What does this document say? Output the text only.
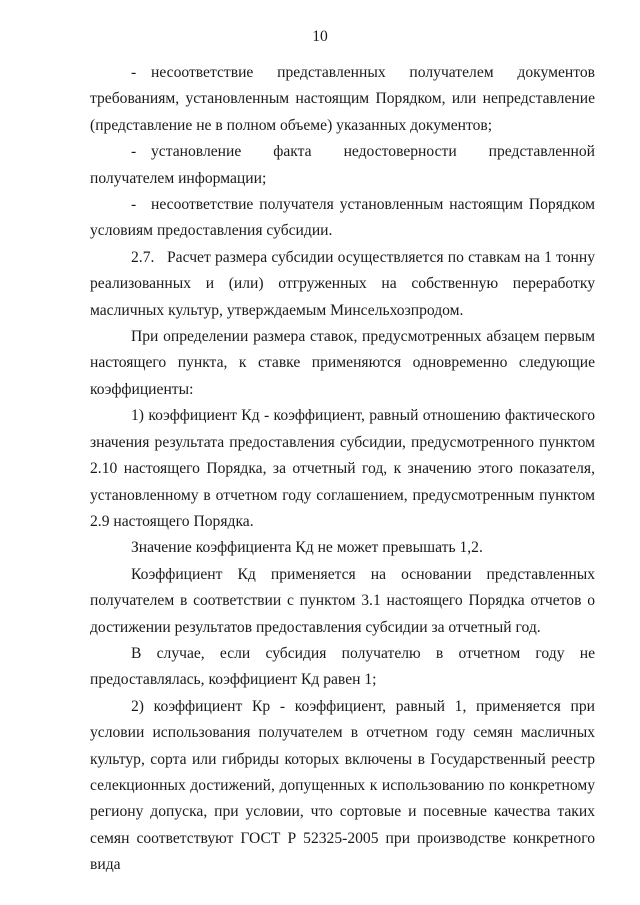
10

- несоответствие представленных получателем документов требованиям, установленным настоящим Порядком, или непредставление (представление не в полном объеме) указанных документов;

- установление факта недостоверности представленной получателем информации;

- несоответствие получателя установленным настоящим Порядком условиям предоставления субсидии.

2.7.   Расчет размера субсидии осуществляется по ставкам на 1 тонну реализованных и (или) отгруженных на собственную переработку масличных культур, утверждаемым Минсельхозпродом.

При определении размера ставок, предусмотренных абзацем первым настоящего пункта, к ставке применяются одновременно следующие коэффициенты:

1) коэффициент Кд - коэффициент, равный отношению фактического значения результата предоставления субсидии, предусмотренного пунктом 2.10 настоящего Порядка, за отчетный год, к значению этого показателя, установленному в отчетном году соглашением, предусмотренным пунктом 2.9 настоящего Порядка.

Значение коэффициента Кд не может превышать 1,2.

Коэффициент Кд применяется на основании представленных получателем в соответствии с пунктом 3.1 настоящего Порядка отчетов о достижении результатов предоставления субсидии за отчетный год.

В случае, если субсидия получателю в отчетном году не предоставлялась, коэффициент Кд равен 1;

2) коэффициент Кр - коэффициент, равный 1, применяется при условии использования получателем в отчетном году семян масличных культур, сорта или гибриды которых включены в Государственный реестр селекционных достижений, допущенных к использованию по конкретному региону допуска, при условии, что сортовые и посевные качества таких семян соответствуют ГОСТ Р 52325-2005 при производстве конкретного вида
